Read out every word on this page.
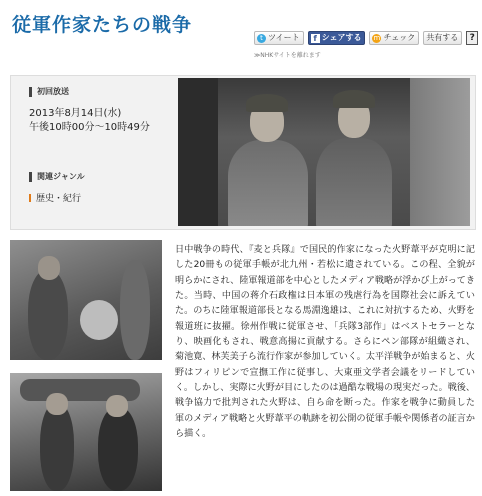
従軍作家たちの戦争
t ツイート	f シェアする m チェック 共有する	?
≫NHKサイトを離れます
初回放送
2013年8月14日(水)
午後10時00分～10時49分
関連ジャンル
歴史・紀行
日中戦争の時代、『麦と兵隊』で国民的作家になった火野葦平が克明に記した20冊もの従軍手帳が北九州・若松に遺されている。この程、全貌が明らかにされ、陸軍報道部を中心としたメディア戦略が浮かび上がってきた。当時、中国の蒋介石政権は日本軍の残虐行為を国際社会に訴えていた。のちに陸軍報道部長となる馬淵逸雄は、これに対抗するため、火野を報道班に抜擢。徐州作戦に従軍させ、「兵隊3部作」はベストセラーとなり、映画化もされ、戦意高揚に貢献する。さらにペン部隊が組織され、菊池寛、林芙美子ら流行作家が参加していく。太平洋戦争が始まると、火野はフィリピンで宣撫工作に従事し、大東亜文学者会議をリードしていく。しかし、実際に火野が目にしたのは過酷な戦場の現実だった。戦後、戦争協力で批判された火野は、自ら命を断った。作家を戦争に動員した軍のメディア戦略と火野葦平の軌跡を初公開の従軍手帳や関係者の証言から描く。
